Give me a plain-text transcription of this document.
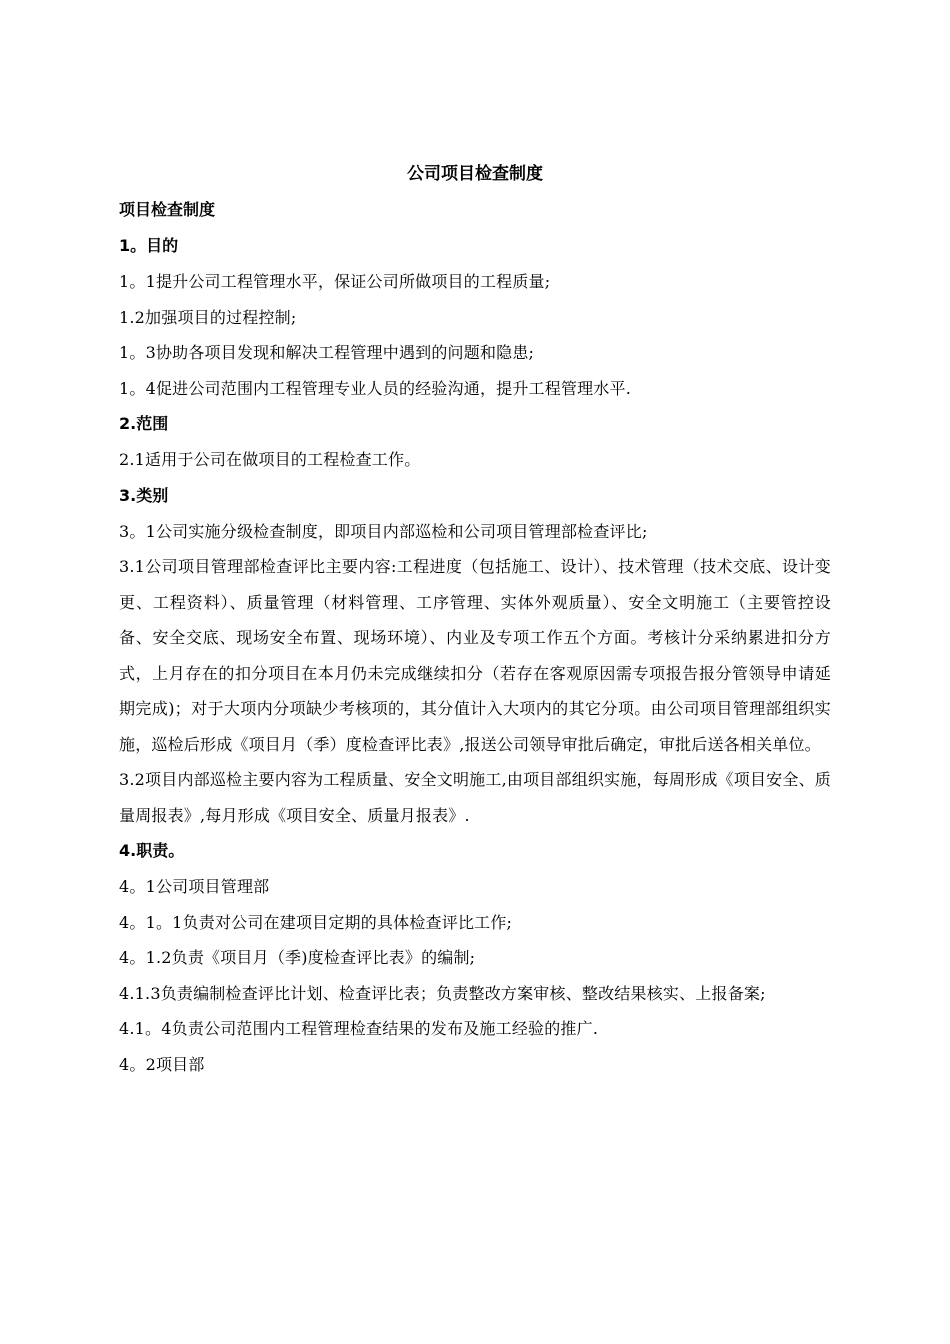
公司项目检查制度

项目检查制度

1。目的

1。1提升公司工程管理水平，保证公司所做项目的工程质量;

1.2加强项目的过程控制;

1。3协助各项目发现和解决工程管理中遇到的问题和隐患;

1。4促进公司范围内工程管理专业人员的经验沟通，提升工程管理水平.

2.范围

2.1适用于公司在做项目的工程检查工作。

3.类别

3。1公司实施分级检查制度，即项目内部巡检和公司项目管理部检查评比;

3.1公司项目管理部检查评比主要内容:工程进度（包括施工、设计）、技术管理（技术交底、设计变更、工程资料）、质量管理（材料管理、工序管理、实体外观质量）、安全文明施工（主要管控设备、安全交底、现场安全布置、现场环境）、内业及专项工作五个方面。考核计分采纳累进扣分方式，上月存在的扣分项目在本月仍未完成继续扣分（若存在客观原因需专项报告报分管领导申请延期完成)；对于大项内分项缺少考核项的，其分值计入大项内的其它分项。由公司项目管理部组织实施，巡检后形成《项目月（季）度检查评比表》,报送公司领导审批后确定，审批后送各相关单位。

3.2项目内部巡检主要内容为工程质量、安全文明施工,由项目部组织实施，每周形成《项目安全、质量周报表》,每月形成《项目安全、质量月报表》.

4.职责。

4。1公司项目管理部

4。1。1负责对公司在建项目定期的具体检查评比工作;

4。1.2负责《项目月（季)度检查评比表》的编制;

4.1.3负责编制检查评比计划、检查评比表；负责整改方案审核、整改结果核实、上报备案;

4.1。4负责公司范围内工程管理检查结果的发布及施工经验的推广.

4。2项目部
